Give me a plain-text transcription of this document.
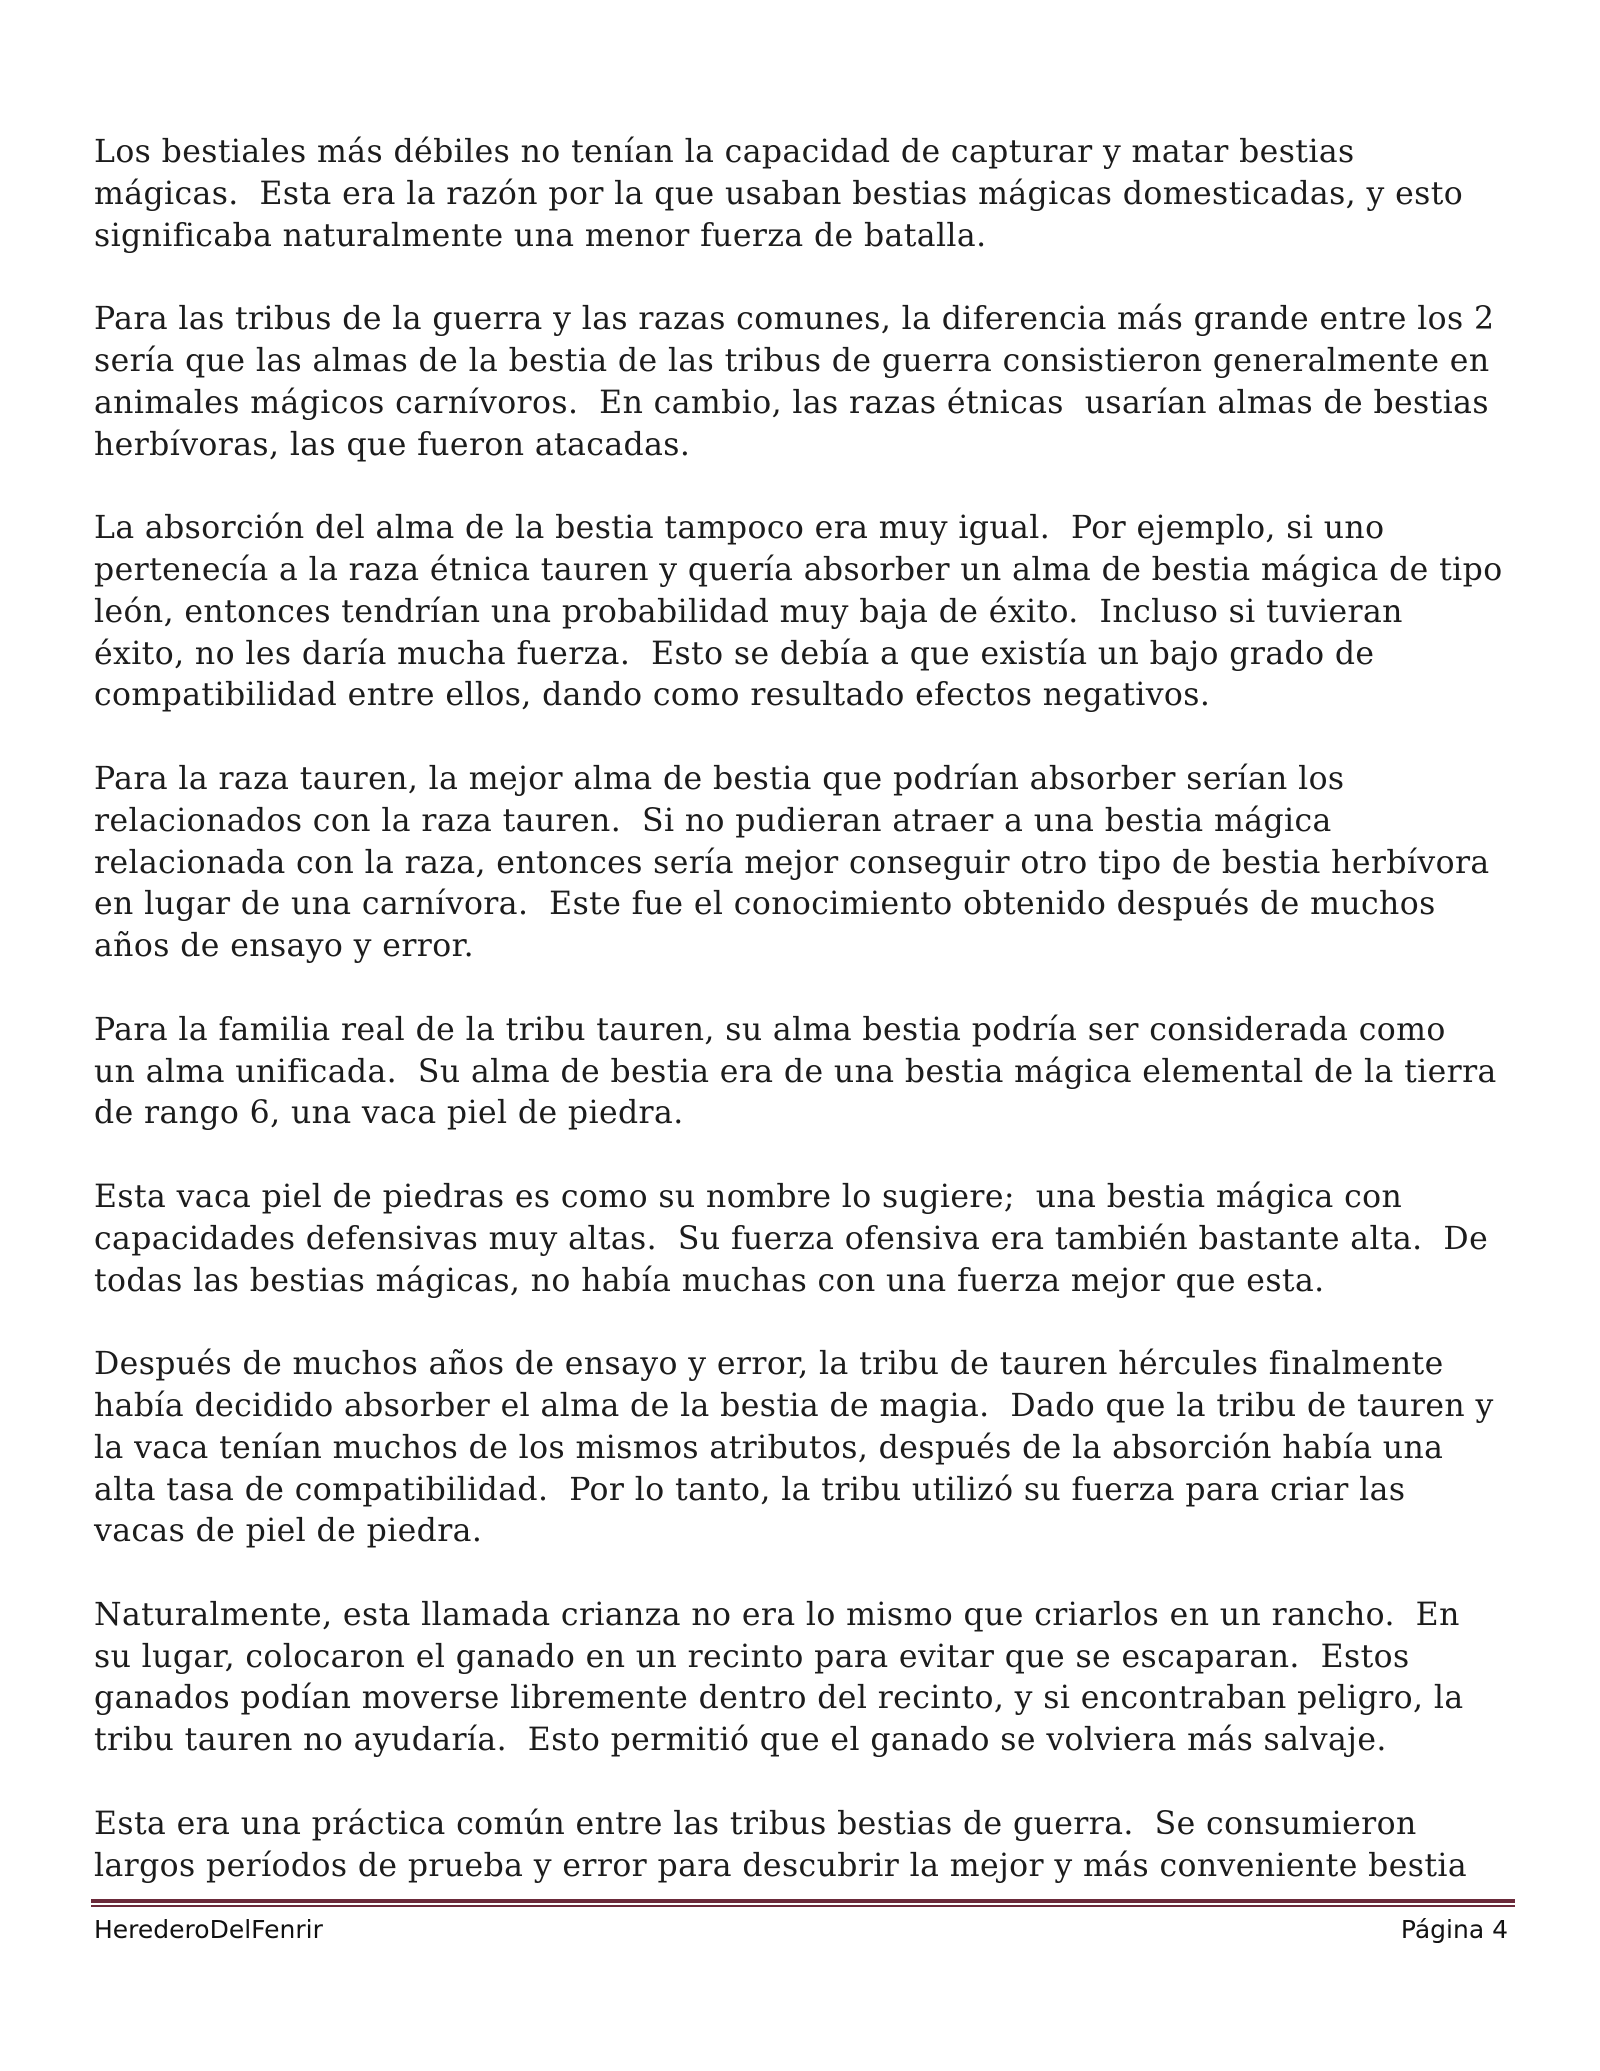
Los bestiales más débiles no tenían la capacidad de capturar y matar bestias
mágicas.  Esta era la razón por la que usaban bestias mágicas domesticadas, y esto
significaba naturalmente una menor fuerza de batalla.

Para las tribus de la guerra y las razas comunes, la diferencia más grande entre los 2
sería que las almas de la bestia de las tribus de guerra consistieron generalmente en
animales mágicos carnívoros.  En cambio, las razas étnicas  usarían almas de bestias
herbívoras, las que fueron atacadas.

La absorción del alma de la bestia tampoco era muy igual.  Por ejemplo, si uno
pertenecía a la raza étnica tauren y quería absorber un alma de bestia mágica de tipo
león, entonces tendrían una probabilidad muy baja de éxito.  Incluso si tuvieran
éxito, no les daría mucha fuerza.  Esto se debía a que existía un bajo grado de
compatibilidad entre ellos, dando como resultado efectos negativos.

Para la raza tauren, la mejor alma de bestia que podrían absorber serían los
relacionados con la raza tauren.  Si no pudieran atraer a una bestia mágica
relacionada con la raza, entonces sería mejor conseguir otro tipo de bestia herbívora
en lugar de una carnívora.  Este fue el conocimiento obtenido después de muchos
años de ensayo y error.

Para la familia real de la tribu tauren, su alma bestia podría ser considerada como
un alma unificada.  Su alma de bestia era de una bestia mágica elemental de la tierra
de rango 6, una vaca piel de piedra.

Esta vaca piel de piedras es como su nombre lo sugiere;  una bestia mágica con
capacidades defensivas muy altas.  Su fuerza ofensiva era también bastante alta.  De
todas las bestias mágicas, no había muchas con una fuerza mejor que esta.

Después de muchos años de ensayo y error, la tribu de tauren hércules finalmente
había decidido absorber el alma de la bestia de magia.  Dado que la tribu de tauren y
la vaca tenían muchos de los mismos atributos, después de la absorción había una
alta tasa de compatibilidad.  Por lo tanto, la tribu utilizó su fuerza para criar las
vacas de piel de piedra.

Naturalmente, esta llamada crianza no era lo mismo que criarlos en un rancho.  En
su lugar, colocaron el ganado en un recinto para evitar que se escaparan.  Estos
ganados podían moverse libremente dentro del recinto, y si encontraban peligro, la
tribu tauren no ayudaría.  Esto permitió que el ganado se volviera más salvaje.

Esta era una práctica común entre las tribus bestias de guerra.  Se consumieron
largos períodos de prueba y error para descubrir la mejor y más conveniente bestia

HerederoDelFenrir	Página 4
